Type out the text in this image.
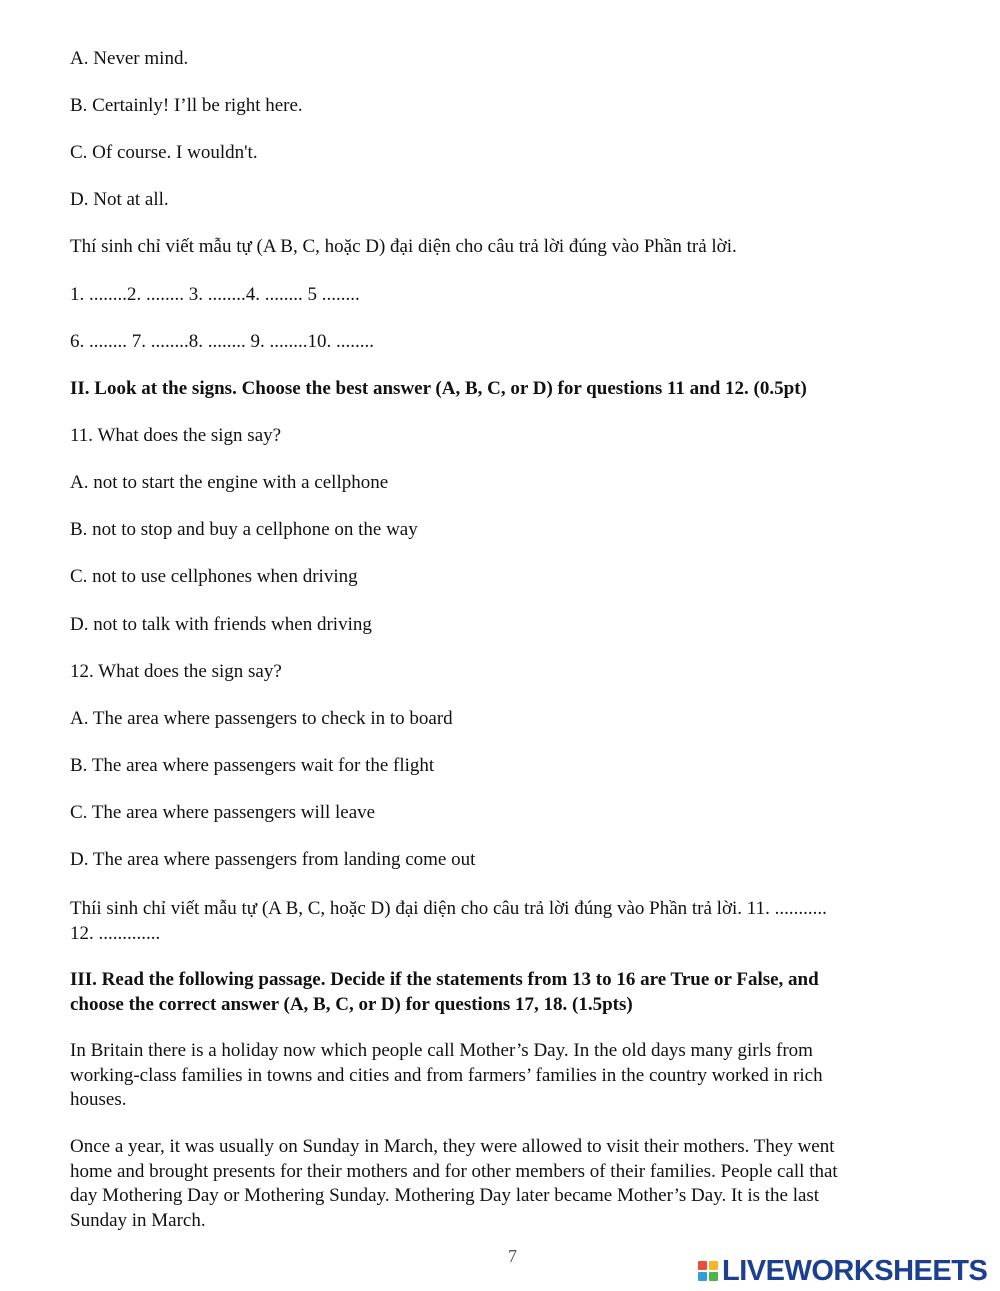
A. Never mind.
B. Certainly! I’ll be right here.
C. Of course. I wouldn't.
D. Not at all.
Thí sinh chỉ viết mẫu tự (A B, C, hoặc D) đại diện cho câu trả lời đúng vào Phần trả lời.
1. ........2. ........ 3. ........4. ........ 5 ........
6. ........ 7. ........8. ........ 9. ........10. ........
II. Look at the signs. Choose the best answer (A, B, C, or D) for questions 11 and 12. (0.5pt)
11. What does the sign say?
A. not to start the engine with a cellphone
B. not to stop and buy a cellphone on the way
C. not to use cellphones when driving
D. not to talk with friends when driving
12. What does the sign say?
A. The area where passengers to check in to board
B. The area where passengers wait for the flight
C. The area where passengers will leave
D. The area where passengers from landing come out
Thíi sinh chỉ viết mẫu tự (A B, C, hoặc D) đại diện cho câu trả lời đúng vào Phần trả lời. 11. ...........
12. .............
III. Read the following passage. Decide if the statements from 13 to 16 are True or False, and
choose the correct answer (A, B, C, or D) for questions 17, 18. (1.5pts)
In Britain there is a holiday now which people call Mother’s Day. In the old days many girls from
working-class families in towns and cities and from farmers’ families in the country worked in rich
houses.
Once a year, it was usually on Sunday in March, they were allowed to visit their mothers. They went
home and brought presents for their mothers and for other members of their families. People call that
day Mothering Day or Mothering Sunday. Mothering Day later became Mother’s Day. It is the last
Sunday in March.
7	LIVEWORKSHEETS
